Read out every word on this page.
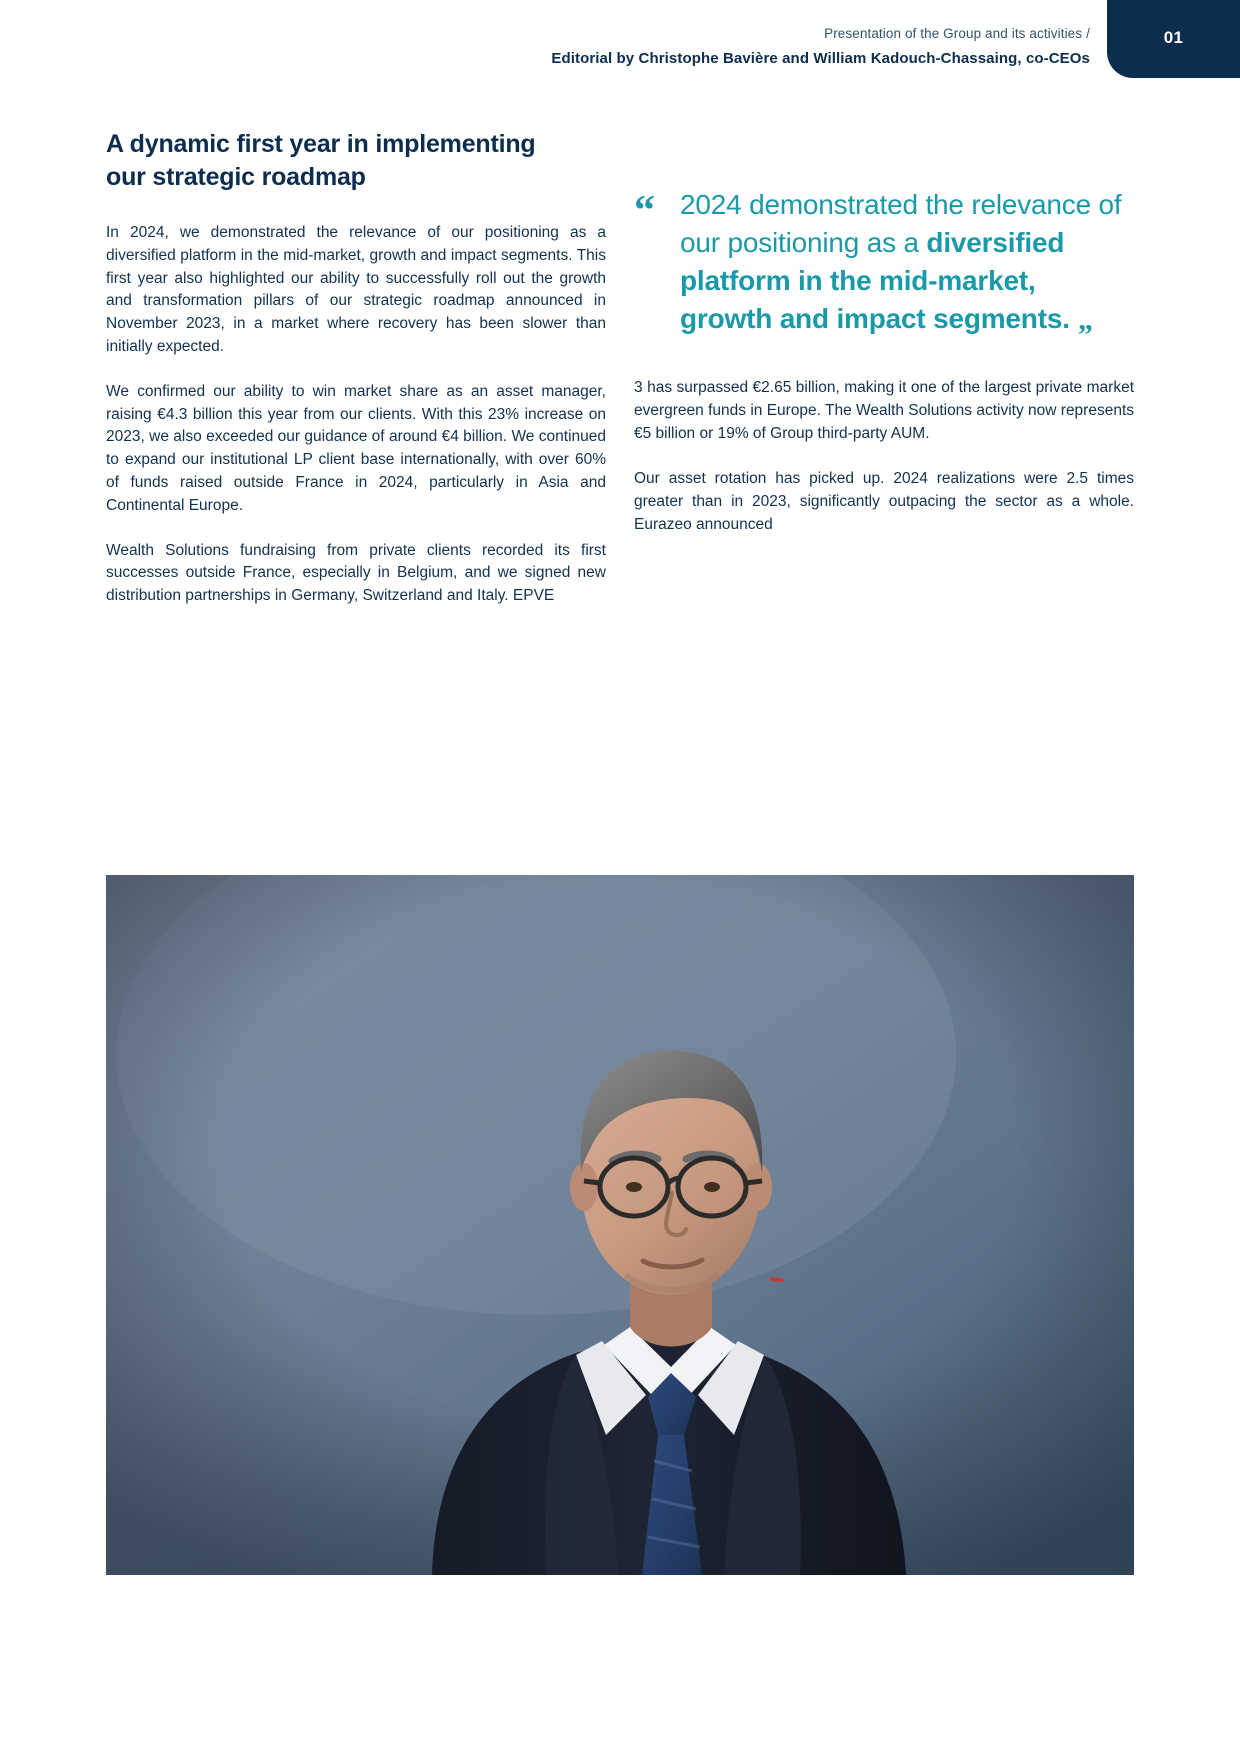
01
Presentation of the Group and its activities /
Editorial by Christophe Bavière and William Kadouch-Chassaing, co-CEOs
A dynamic first year in implementing our strategic roadmap

In 2024, we demonstrated the relevance of our positioning as a diversified platform in the mid-market, growth and impact segments. This first year also highlighted our ability to successfully roll out the growth and transformation pillars of our strategic roadmap announced in November 2023, in a market where recovery has been slower than initially expected.

We confirmed our ability to win market share as an asset manager, raising €4.3 billion this year from our clients. With this 23% increase on 2023, we also exceeded our guidance of around €4 billion. We continued to expand our institutional LP client base internationally, with over 60% of funds raised outside France in 2024, particularly in Asia and Continental Europe.

Wealth Solutions fundraising from private clients recorded its first successes outside France, especially in Belgium, and we signed new distribution partnerships in Germany, Switzerland and Italy. EPVE

“ 2024 demonstrated the relevance of our positioning as a diversified platform in the mid-market, growth and impact segments. “

3 has surpassed €2.65 billion, making it one of the largest private market evergreen funds in Europe. The Wealth Solutions activity now represents €5 billion or 19% of Group third-party AUM.

Our asset rotation has picked up. 2024 realizations were 2.5 times greater than in 2023, significantly outpacing the sector as a whole. Eurazeo announced
